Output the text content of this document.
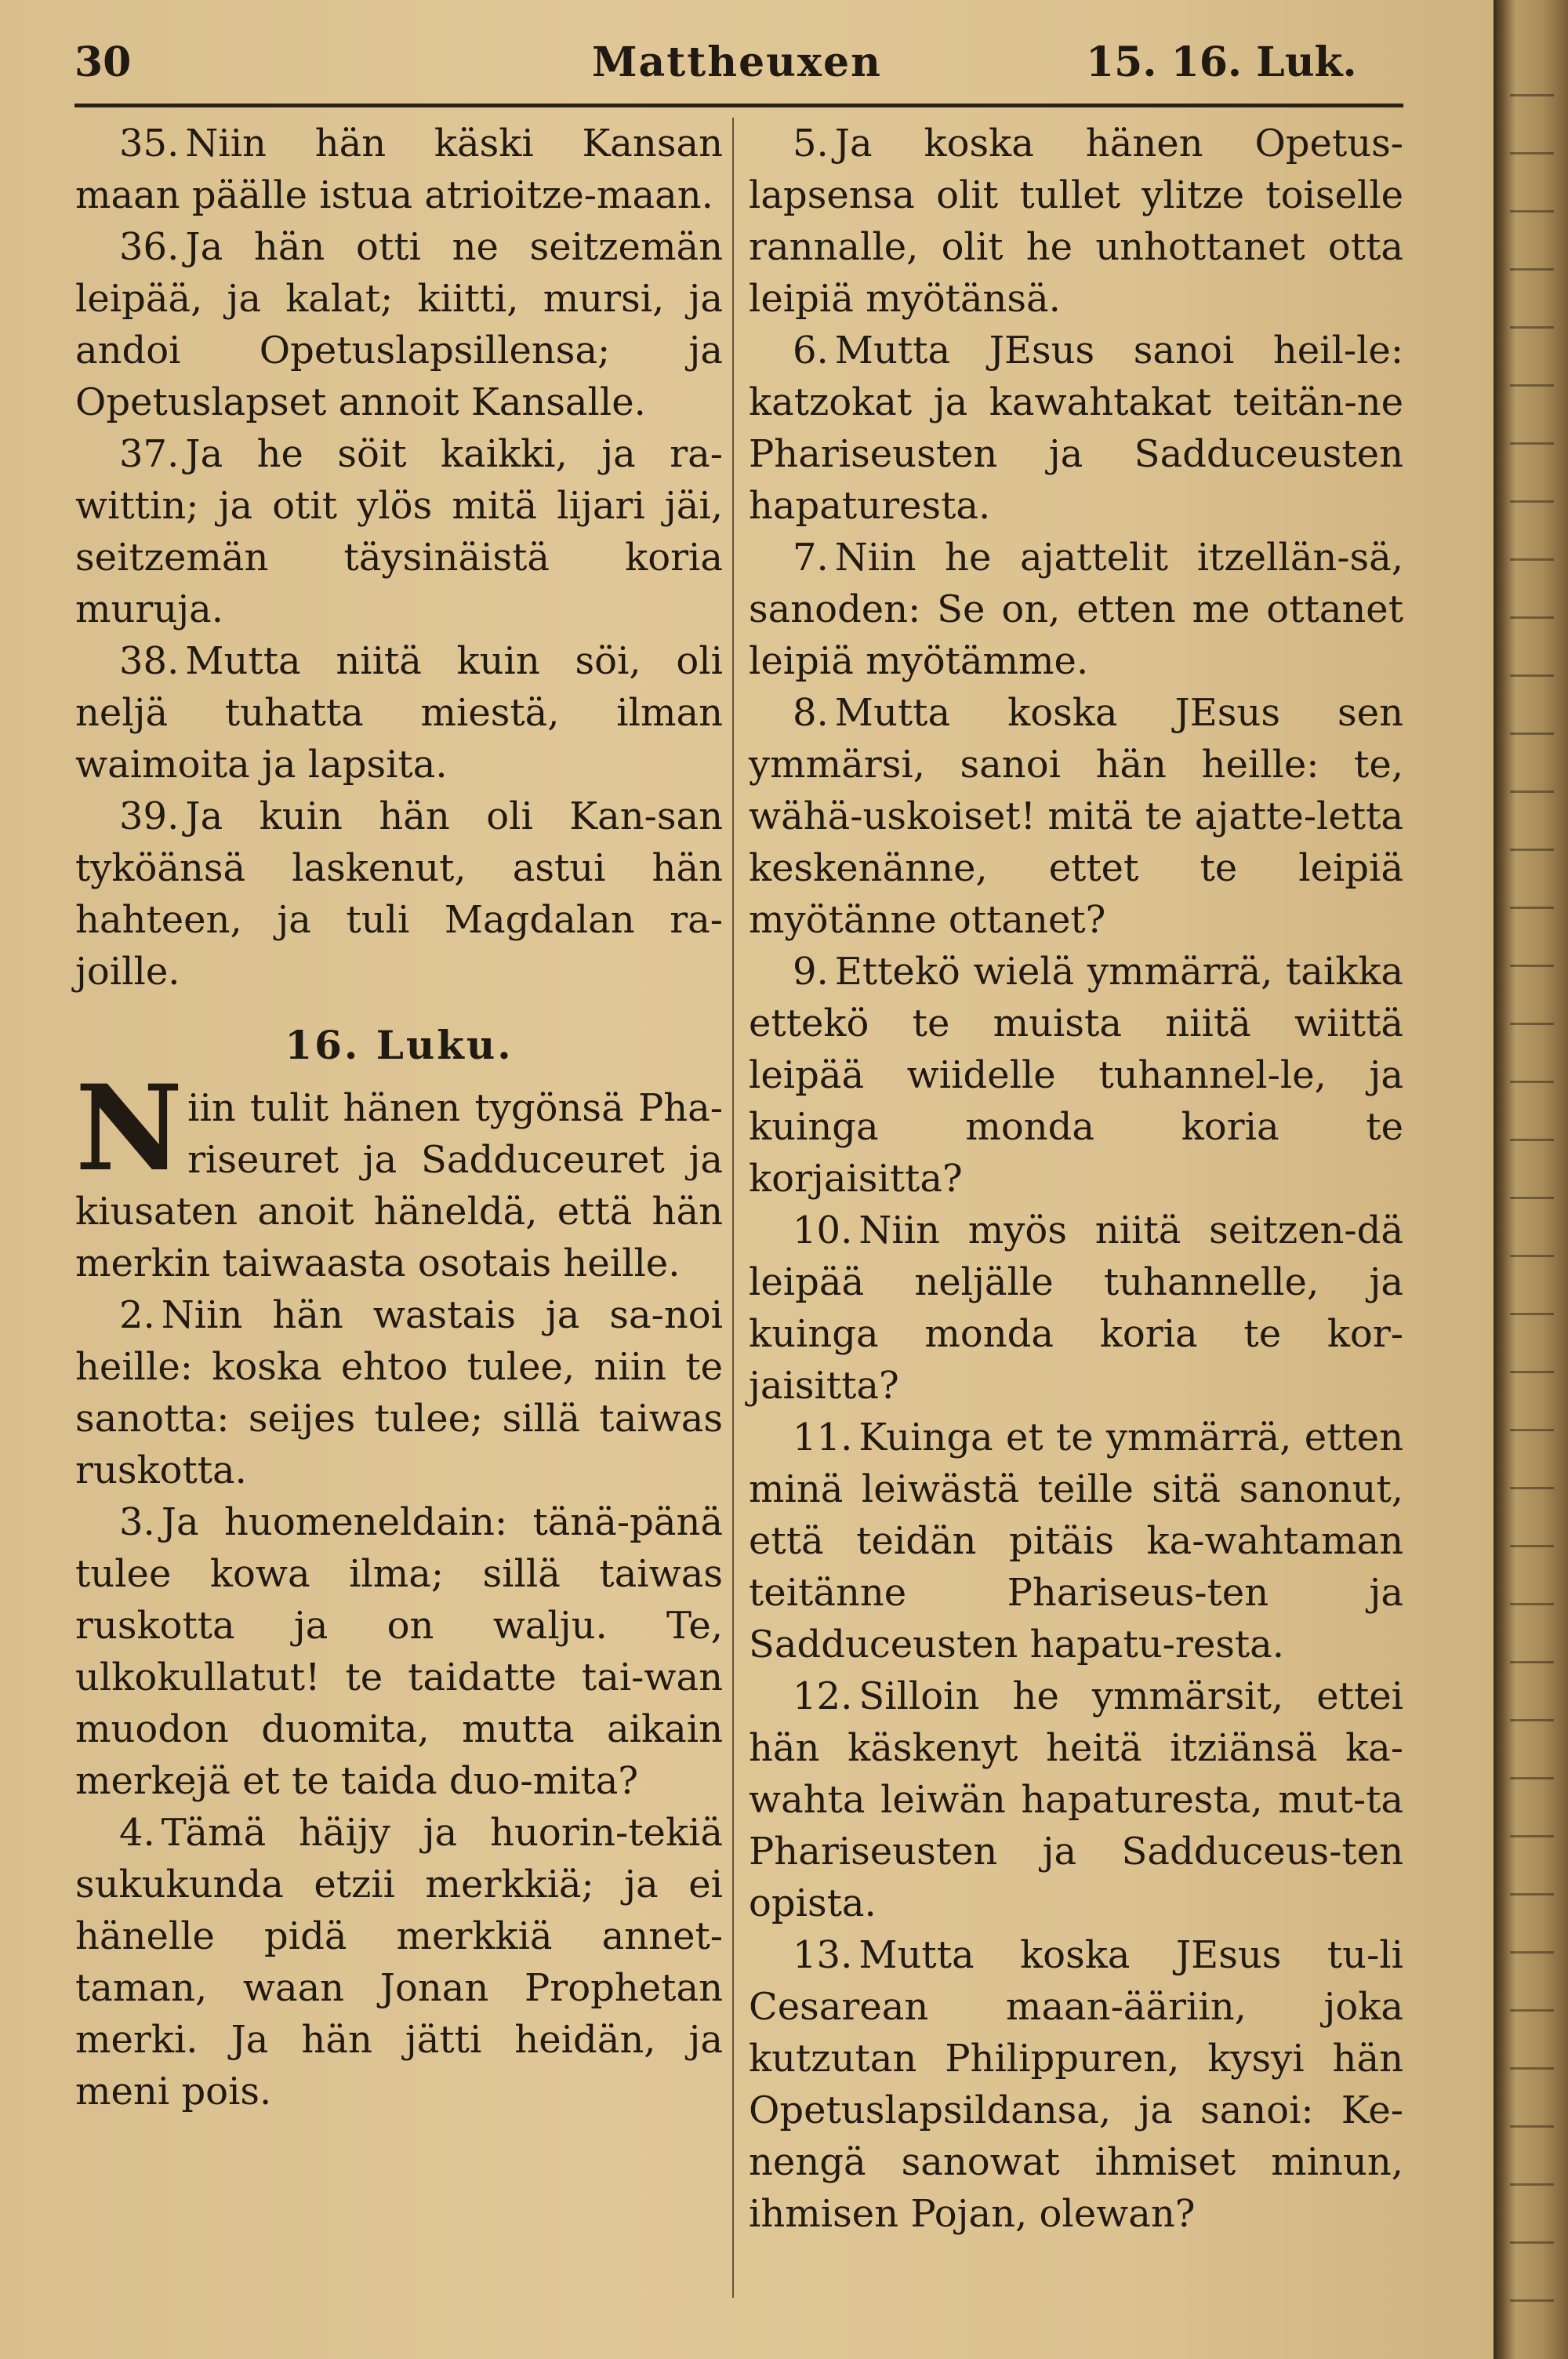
30	Mattheuxen	15. 16. Luk.

35. Niin hän käski Kansan maan päälle istua atrioitze-maan.

36. Ja hän otti ne seitzemän leipää, ja kalat; kiitti, mursi, ja andoi Opetuslapsillensa; ja Opetuslapset annoit Kansalle.

37. Ja he söit kaikki, ja ra-wittin; ja otit ylös mitä lijari jäi, seitzemän täysinäistä koria muruja.

38. Mutta niitä kuin söi, oli neljä tuhatta miestä, ilman waimoita ja lapsita.

39. Ja kuin hän oli Kan-san tyköänsä laskenut, astui hän hahteen, ja tuli Magdalan ra-joille.

16. Luku.

Niin tulit hänen tygönsä Pha-riseuret ja Sadduceuret ja kiusaten anoit häneldä, että hän merkin taiwaasta osotais heille.

2. Niin hän wastais ja sa-noi heille: koska ehtoo tulee, niin te sanotta: seijes tulee; sillä taiwas ruskotta.

3. Ja huomeneldain: tänä-pänä tulee kowa ilma; sillä taiwas ruskotta ja on walju. Te, ulkokullatut! te taidatte tai-wan muodon duomita, mutta aikain merkejä et te taida duo-mita?

4. Tämä häijy ja huorin-tekiä sukukunda etzii merkkiä; ja ei hänelle pidä merkkiä annet-taman, waan Jonan Prophetan merki. Ja hän jätti heidän, ja meni pois.

5. Ja koska hänen Opetus-lapsensa olit tullet ylitze toiselle rannalle, olit he unhottanet otta leipiä myötänsä.

6. Mutta JEsus sanoi heil-le: katzokat ja kawahtakat teitän-ne Phariseusten ja Sadduceusten hapaturesta.

7. Niin he ajattelit itzellän-sä, sanoden: Se on, etten me ottanet leipiä myötämme.

8. Mutta koska JEsus sen ymmärsi, sanoi hän heille: te, wähä-uskoiset! mitä te ajatte-letta keskenänne, ettet te leipiä myötänne ottanet?

9. Ettekö wielä ymmärrä, taikka ettekö te muista niitä wiittä leipää wiidelle tuhannel-le, ja kuinga monda koria te korjaisitta?

10. Niin myös niitä seitzen-dä leipää neljälle tuhannelle, ja kuinga monda koria te kor-jaisitta?

11. Kuinga et te ymmärrä, etten minä leiwästä teille sitä sanonut, että teidän pitäis ka-wahtaman teitänne Phariseus-ten ja Sadduceusten hapatu-resta.

12. Silloin he ymmärsit, ettei hän käskenyt heitä itziänsä ka-wahta leiwän hapaturesta, mut-ta Phariseusten ja Sadduceus-ten opista.

13. Mutta koska JEsus tu-li Cesarean maan-ääriin, joka kutzutan Philippuren, kysyi hän Opetuslapsildansa, ja sanoi: Ke-nengä sanowat ihmiset minun, ihmisen Pojan, olewan?
